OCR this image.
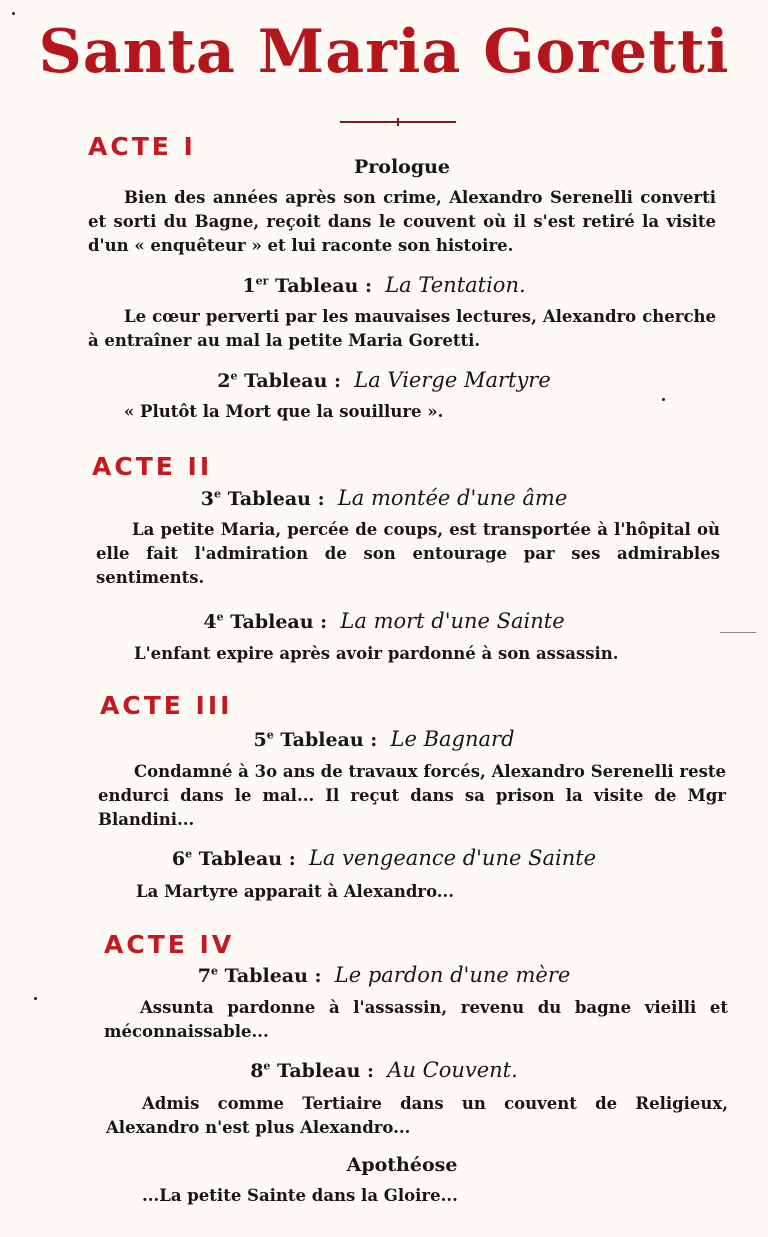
Santa Maria Goretti
ACTE I
Prologue
Bien des années après son crime, Alexandro Serenelli converti et sorti du Bagne, reçoit dans le couvent où il s'est retiré la visite d'un « enquêteur » et lui raconte son histoire.
1er Tableau : La Tentation.
Le cœur perverti par les mauvaises lectures, Alexandro cherche à entraîner au mal la petite Maria Goretti.
2e Tableau : La Vierge Martyre
« Plutôt la Mort que la souillure ».
ACTE II
3e Tableau : La montée d'une âme
La petite Maria, percée de coups, est transportée à l'hôpital où elle fait l'admiration de son entourage par ses admirables sentiments.
4e Tableau : La mort d'une Sainte
L'enfant expire après avoir pardonné à son assassin.
ACTE III
5e Tableau : Le Bagnard
Condamné à 3o ans de travaux forcés, Alexandro Serenelli reste endurci dans le mal... Il reçut dans sa prison la visite de Mgr Blandini...
6e Tableau : La vengeance d'une Sainte
La Martyre apparait à Alexandro...
ACTE IV
7e Tableau : Le pardon d'une mère
Assunta pardonne à l'assassin, revenu du bagne vieilli et méconnaissable...
8e Tableau : Au Couvent.
Admis comme Tertiaire dans un couvent de Religieux, Alexandro n'est plus Alexandro...
Apothéose
...La petite Sainte dans la Gloire...
